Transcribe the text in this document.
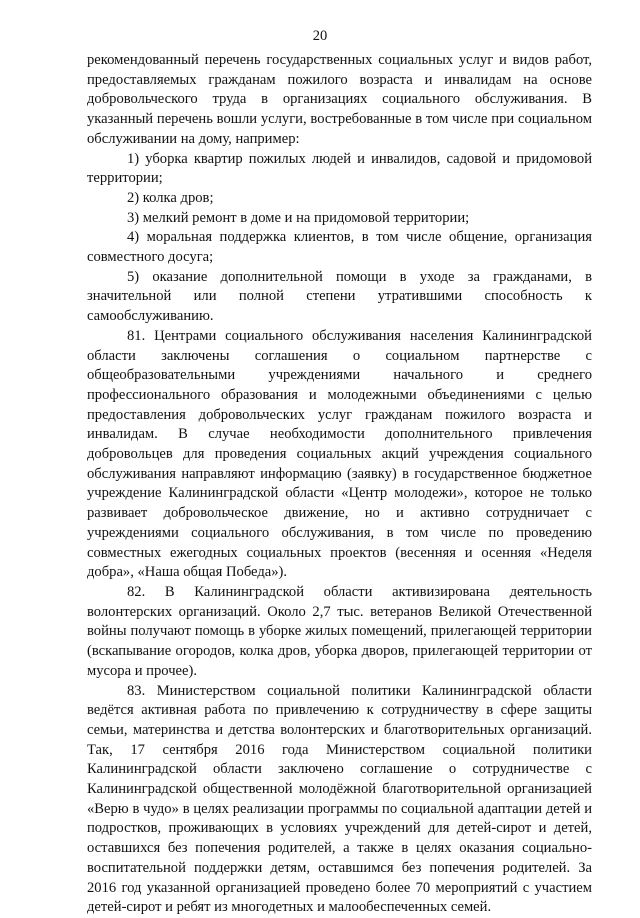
20

рекомендованный перечень государственных социальных услуг и видов работ, предоставляемых гражданам пожилого возраста и инвалидам на основе добровольческого труда в организациях социального обслуживания. В указанный перечень вошли услуги, востребованные в том числе при социальном обслуживании на дому, например:

1) уборка квартир пожилых людей и инвалидов, садовой и придомовой территории;

2) колка дров;

3) мелкий ремонт в доме и на придомовой территории;

4) моральная поддержка клиентов, в том числе общение, организация совместного досуга;

5) оказание дополнительной помощи в уходе за гражданами, в значительной или полной степени утратившими способность к самообслуживанию.

81. Центрами социального обслуживания населения Калининградской области заключены соглашения о социальном партнерстве с общеобразовательными учреждениями начального и среднего профессионального образования и молодежными объединениями с целью предоставления добровольческих услуг гражданам пожилого возраста и инвалидам. В случае необходимости дополнительного привлечения добровольцев для проведения социальных акций учреждения социального обслуживания направляют информацию (заявку) в государственное бюджетное учреждение Калининградской области «Центр молодежи», которое не только развивает добровольческое движение, но и активно сотрудничает с учреждениями социального обслуживания, в том числе по проведению совместных ежегодных социальных проектов (весенняя и осенняя «Неделя добра», «Наша общая Победа»).

82. В Калининградской области активизирована деятельность волонтерских организаций. Около 2,7 тыс. ветеранов Великой Отечественной войны получают помощь в уборке жилых помещений, прилегающей территории (вскапывание огородов, колка дров, уборка дворов, прилегающей территории от мусора и прочее).

83. Министерством социальной политики Калининградской области ведётся активная работа по привлечению к сотрудничеству в сфере защиты семьи, материнства и детства волонтерских и благотворительных организаций. Так, 17 сентября 2016 года Министерством социальной политики Калининградской области заключено соглашение о сотрудничестве с Калининградской общественной молодёжной благотворительной организацией «Верю в чудо» в целях реализации программы по социальной адаптации детей и подростков, проживающих в условиях учреждений для детей-сирот и детей, оставшихся без попечения родителей, а также в целях оказания социально-воспитательной поддержки детям, оставшимся без попечения родителей. За 2016 год указанной организацией проведено более 70 мероприятий с участием детей-сирот и ребят из многодетных и малообеспеченных семей.
